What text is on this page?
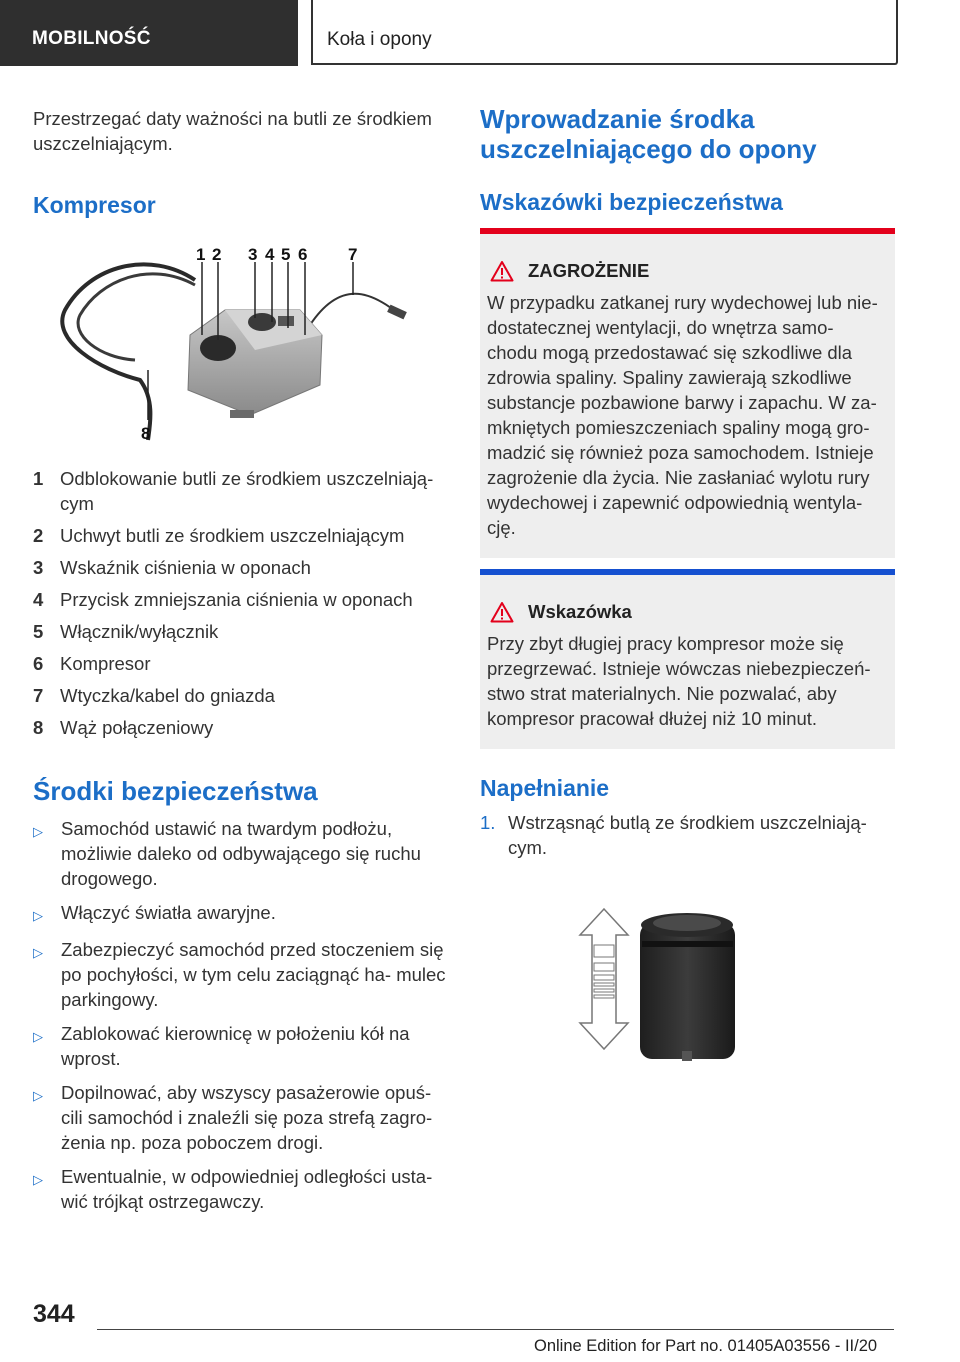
MOBILNOŚĆ	Koła i opony
Przestrzegać daty ważności na butli ze środkiem uszczelniającym.
Kompresor
1 2 3 4 5 6 7
8
1 Odblokowanie butli ze środkiem uszczelniają‐ cym
2 Uchwyt butli ze środkiem uszczelniającym
3 Wskaźnik ciśnienia w oponach
4 Przycisk zmniejszania ciśnienia w oponach
5 Włącznik/wyłącznik
6 Kompresor
7 Wtyczka/kabel do gniazda
8 Wąż połączeniowy
Środki bezpieczeństwa
▷ Samochód ustawić na twardym podłożu, możliwie daleko od odbywającego się ruchu drogowego.
▷ Włączyć światła awaryjne.
▷ Zabezpieczyć samochód przed stoczeniem się po pochyłości, w tym celu zaciągnąć ha‐ mulec parkingowy.
▷ Zablokować kierownicę w położeniu kół na wprost.
▷ Dopilnować, aby wszyscy pasażerowie opuś‐ cili samochód i znaleźli się poza strefą zagro‐ żenia np. poza poboczem drogi.
▷ Ewentualnie, w odpowiedniej odległości usta‐ wić trójkąt ostrzegawczy.
Wprowadzanie środka uszczelniającego do opony
Wskazówki bezpieczeństwa
ZAGROŻENIE
W przypadku zatkanej rury wydechowej lub nie‐ dostatecznej wentylacji, do wnętrza samo‐ chodu mogą przedostawać się szkodliwe dla zdrowia spaliny. Spaliny zawierają szkodliwe substancje pozbawione barwy i zapachu. W za‐ mkniętych pomieszczeniach spaliny mogą gro‐ madzić się również poza samochodem. Istnieje zagrożenie dla życia. Nie zasłaniać wylotu rury wydechowej i zapewnić odpowiednią wentyla‐ cję.
Wskazówka
Przy zbyt długiej pracy kompresor może się przegrzewać. Istnieje wówczas niebezpieczeń‐ stwo strat materialnych. Nie pozwalać, aby kompresor pracował dłużej niż 10 minut.
Napełnianie
1. Wstrząsnąć butlą ze środkiem uszczelniają‐ cym.
344
Online Edition for Part no. 01405A03556 - II/20
